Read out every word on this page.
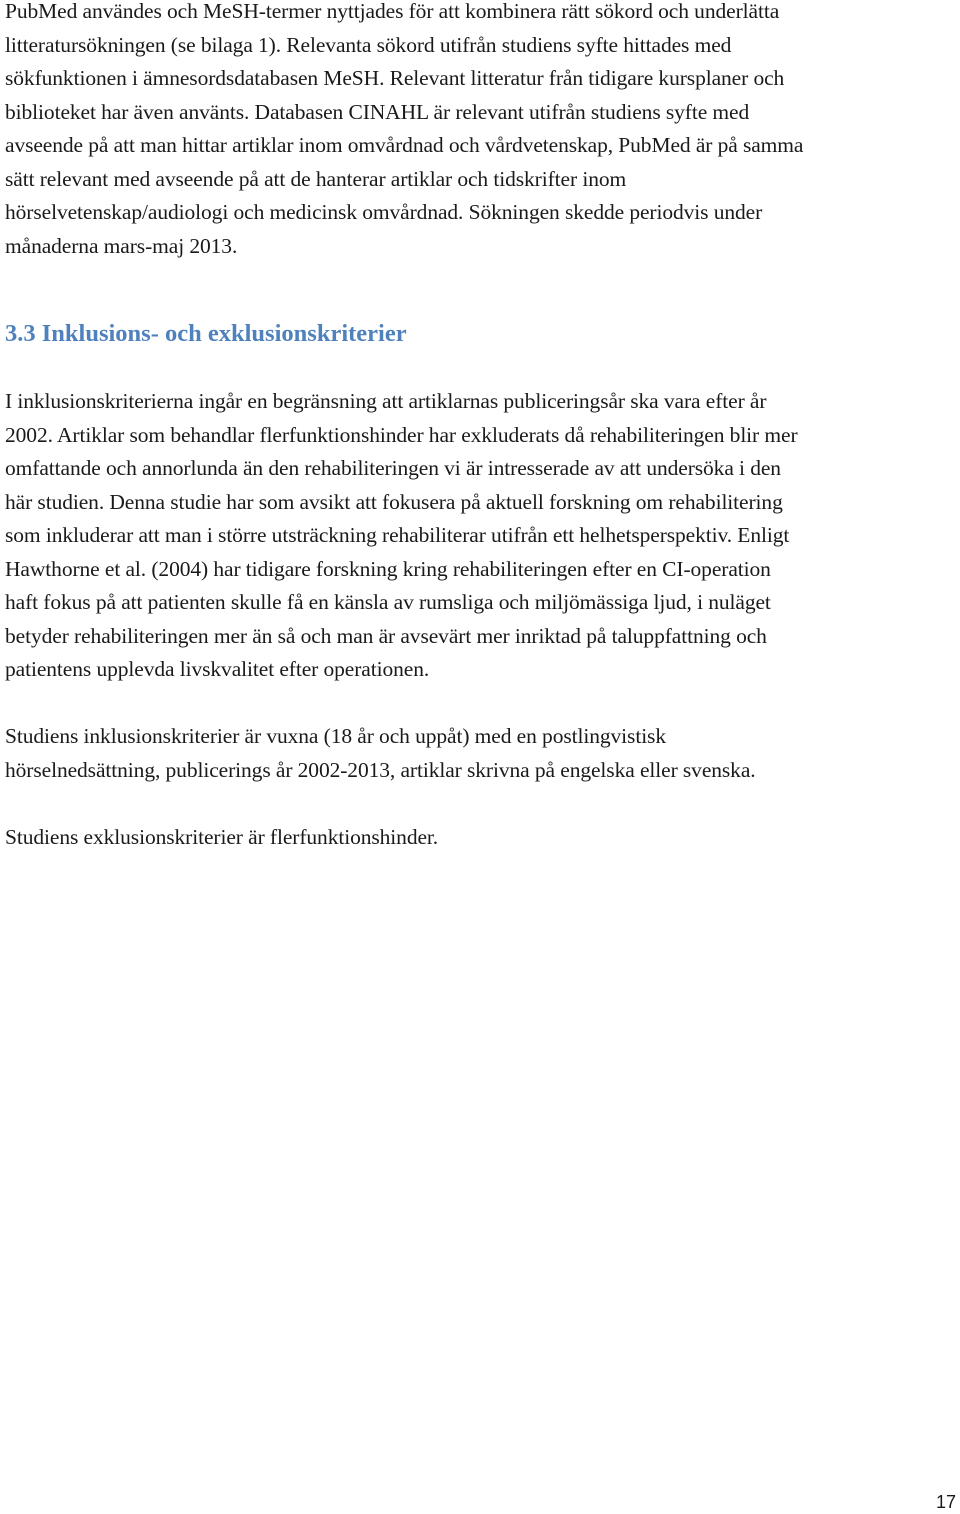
PubMed användes och MeSH-termer nyttjades för att kombinera rätt sökord och underlätta
litteratursökningen (se bilaga 1). Relevanta sökord utifrån studiens syfte hittades med
sökfunktionen i ämnesordsdatabasen MeSH. Relevant litteratur från tidigare kursplaner och
biblioteket har även använts. Databasen CINAHL är relevant utifrån studiens syfte med
avseende på att man hittar artiklar inom omvårdnad och vårdvetenskap, PubMed är på samma
sätt relevant med avseende på att de hanterar artiklar och tidskrifter inom
hörselvetenskap/audiologi och medicinsk omvårdnad. Sökningen skedde periodvis under
månaderna mars-maj 2013.

3.3 Inklusions- och exklusionskriterier

I inklusionskriterierna ingår en begränsning att artiklarnas publiceringsår ska vara efter år
2002. Artiklar som behandlar flerfunktionshinder har exkluderats då rehabiliteringen blir mer
omfattande och annorlunda än den rehabiliteringen vi är intresserade av att undersöka i den
här studien. Denna studie har som avsikt att fokusera på aktuell forskning om rehabilitering
som inkluderar att man i större utsträckning rehabiliterar utifrån ett helhetsperspektiv. Enligt
Hawthorne et al. (2004) har tidigare forskning kring rehabiliteringen efter en CI-operation
haft fokus på att patienten skulle få en känsla av rumsliga och miljömässiga ljud, i nuläget
betyder rehabiliteringen mer än så och man är avsevärt mer inriktad på taluppfattning och
patientens upplevda livskvalitet efter operationen.

Studiens inklusionskriterier är vuxna (18 år och uppåt) med en postlingvistisk
hörselnedsättning, publicerings år 2002-2013, artiklar skrivna på engelska eller svenska.

Studiens exklusionskriterier är flerfunktionshinder.

17
